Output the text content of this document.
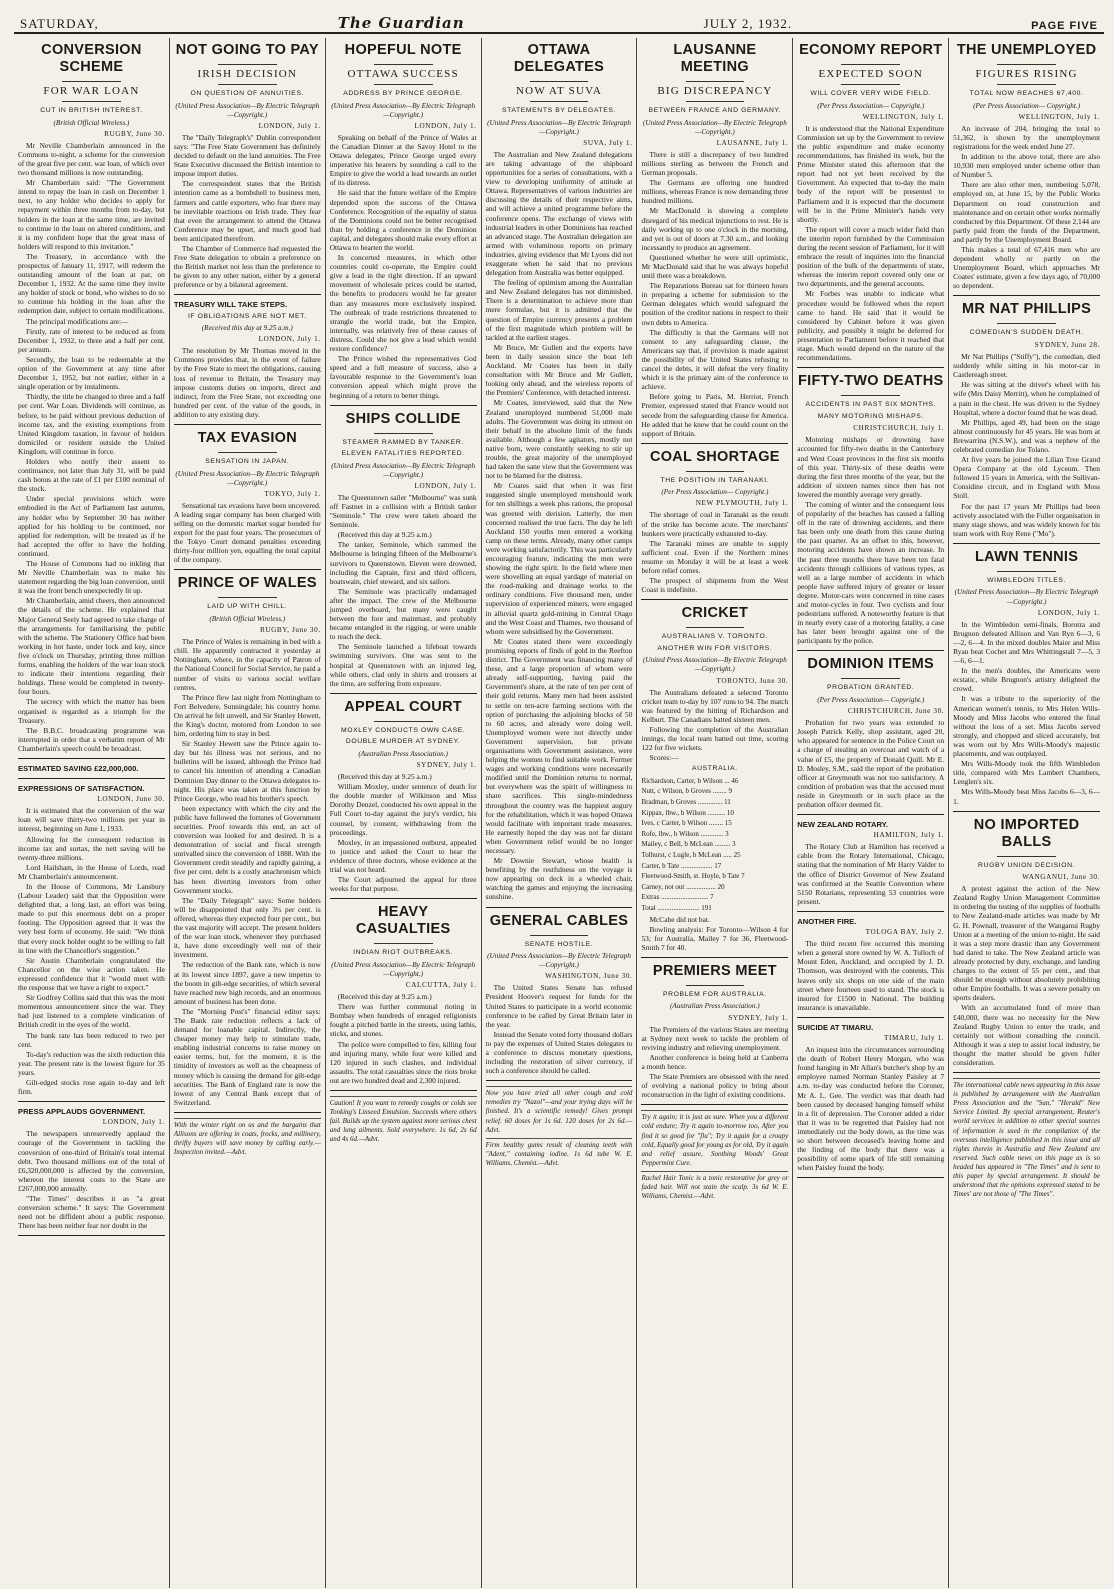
SATURDAY,	The Guardian	JULY 2, 1932.	PAGE FIVE
CONVERSION SCHEME
FOR WAR LOAN
CUT IN BRITISH INTEREST.
(British Official Wireless.)
RUGBY, June 30.

Mr Neville Chamberlain announced in the Commons to-night, a scheme for the conversion of the great five per cent. war loan, of which over two thousand millions is now outstanding.

Mr Chamberlain said: "The Government intend to repay the loan in cash on December 1 next, to any holder who decides to apply for repayment within three months from to-day, but holders in the loan at the same time, are invited to continue in the loan on altered conditions, and it is my confident hope that the great mass of holders will respond to this invitation."

The Treasury, in accordance with the prospectus of January 11, 1917, will redeem the outstanding amount of the loan at par, on December 1, 1932. At the same time they invite any holder of stock or bond, who wishes to do so to continue his holding in the loan after the redemption date, subject to certain modifications.

The principal modifications are:—

Firstly, rate of interest to be reduced as from December 1, 1932, to three and a half per cent. per annum.

Secondly, the loan to be redeemable at the option of the Government at any time after December 1, 1952, but not earlier, either in a single operation or by instalments.

Thirdly, the title be changed to three and a half per cent. War Loan. Dividends will continue, as before, to be paid without previous deduction of income tax, and the existing exemptions from United Kingdom taxation, in favour of holders domiciled or resident outside the United Kingdom, will continue in force.

Holders who notify their assent to continuance, not later than July 31, will be paid cash bonus at the rate of £1 per £100 nominal of the stock.

Under special provisions which were embodied in the Act of Parliament last autumn, any holder who by September 30 has neither applied for his holding to be continued, nor applied for redemption, will be treated as if he had accepted the offer to have the holding continued.

The House of Commons had no inkling that Mr Neville Chamberlain was to make his statement regarding the big loan conversion, until it was the front bench unexpectedly lit up.

Mr Chamberlain, amid cheers, then announced the details of the scheme. He explained that Major General Seely had agreed to take charge of the arrangements for familiarising the public with the scheme. The Stationery Office had been working in hot haste, under lock and key, since five o'clock on Thursday, printing three million forms, enabling the holders of the war loan stock to indicate their intentions regarding their holdings. These would be completed in twenty-four hours.

The secrecy with which the matter has been organised is regarded as a triumph for the Treasury.

The B.B.C. broadcasting programme was interrupted in order that a verbatim report of Mr Chamberlain's speech could be broadcast.

ESTIMATED SAVING £22,000,000.
EXPRESSIONS OF SATISFACTION.
LONDON, June 30.

It is estimated that the conversion of the war loan will save thirty-two millions per year in interest, beginning on June 1, 1933.

Allowing for the consequent reduction in income tax and surtax, the nett saving will be twenty-three millions.

Lord Hailsham, in the House of Lords, read Mr Chamberlain's announcement.

In the House of Commons, Mr Lansbury (Labour Leader) said that the Opposition were delighted that, a long last, an effort was being made to put this enormous debt on a proper footing. The Opposition agreed that it was the very best form of economy. He said: "We think that every stock holder ought to be willing to fall in line with the Chancellor's suggestion."

Sir Austin Chamberlain congratulated the Chancellor on the wise action taken. He expressed confidence that it "would meet with the response that we have a right to expect."

Sir Godfrey Collins said that this was the most momentous announcement since the war. They had just listened to a complete vindication of British credit in the eyes of the world.

The bank rate has been reduced to two per cent.

To-day's reduction was the sixth reduction this year. The present rate is the lowest figure for 35 years.

Gilt-edged stocks rose again to-day and left firm.

PRESS APPLAUDS GOVERNMENT.
LONDON, July 1.

The newspapers unreservedly applaud the courage of the Government in tackling the conversion of one-third of Britain's total internal debt. Two thousand millions out of the total of £6,320,000,000 is affected by the conversion, whereon the interest costs to the State are £267,000,000 annually.

"The Times" describes it as "a great conversion scheme." It says: The Government need not be diffident about a public response. There has been neither fear nor doubt in the

NOT GOING TO PAY
IRISH DECISION
ON QUESTION OF ANNUITIES.
(United Press Association—By Electric Telegraph—Copyright.)
LONDON, July 1.

The "Daily Telegraph's" Dublin correspondent says: "The Free State Government has definitely decided to default on the land annuities. The Free State Executive discussed the British intention to impose import duties.

The correspondent states that the British intention came as a bombshell to business men, farmers and cattle exporters, who fear there may be inevitable reactions on Irish trade. They fear that even the arrangement to attend the Ottawa Conference may be upset, and much good had been anticipated therefrom.

The Chamber of Commerce had requested the Free State delegation to obtain a preference on the British market not less than the preference to be given to any other nation, either by a general preference or by a bilateral agreement.

TREASURY WILL TAKE STEPS.
IF OBLIGATIONS ARE NOT MET.
(Received this day at 9.25 a.m.)
LONDON, July 1.

The resolution by Mr Thomas moved in the Commons provides that, in the event of failure by the Free State to meet the obligations, causing loss of revenue to Britain, the Treasury may impose customs duties on imports, direct and indirect, from the Free State, not exceeding one hundred per cent. of the value of the goods, in addition to any existing duty.

TAX EVASION
SENSATION IN JAPAN.
(United Press Association—By Electric Telegraph—Copyright.)
TOKYO, July 1.

Sensational tax evasions have been uncovered. A leading sugar company has been charged with selling on the domestic market sugar bonded for export for the past four years. The prosecutors of the Tokyo Court demand penalties exceeding thirty-four million yen, equalling the total capital of the company.

PRINCE OF WALES
LAID UP WITH CHILL.
(British Official Wireless.)
RUGBY, June 30.

The Prince of Wales is remaining in bed with a chill. He apparently contracted it yesterday at Nottingham, where, in the capacity of Patron of the National Council for Social Service, he paid a number of visits to various social welfare centres.

The Prince flew last night from Nottingham to Fort Belvedere, Sunningdale; his country home. On arrival he felt unwell, and Sir Stanley Hewett, the King's doctor, motored from London to see him, ordering him to stay in bed.

Sir Stanley Hewett saw the Prince again to-day but his illness was not serious, and no bulletins will be issued, although the Prince had to cancel his intention of attending a Canadian Dominion Day dinner to the Ottawa delegates to-night. His place was taken at this function by Prince George, who read his brother's speech.

been expectancy with which the city and the public have followed the fortunes of Government securities. Proof towards this end, an act of conversion was looked for and desired. It is a demonstration of social and fiscal strength unrivalled since the conversion of 1888. With the Government credit steadily and rapidly gaining, a five per cent. debt is a costly anachronism which has been diverting investors from other Government stocks.

The "Daily Telegraph" says: Some holders will be disappointed that only 3½ per cent. is offered, whereas they expected four per cent., but the vast majority will accept. The present holders of the war loan stock, whenever they purchased it, have done exceedingly well out of their investment.

The reduction of the Bank rate, which is now at its lowest since 1897, gave a new impetus to the boom in gilt-edge securities, of which several have reached new high records, and an enormous amount of business has been done.

The "Morning Post's" financial editor says: The Bank rate reduction reflects a lack of demand for loanable capital. Indirectly, the cheaper money may help to stimulate trade, enabling industrial concerns to raise money on easier terms, but, for the moment, it is the timidity of investors as well as the cheapness of money which is causing the demand for gilt-edge securities. The Bank of England rate is now the lowest of any Central Bank except that of Switzerland.

With the winter right on us and the bargains that Allisons are offering in coats, frocks, and millinery, thrifty buyers will save money by calling early.—Inspection invited.—Advt.
HOPEFUL NOTE
OTTAWA SUCCESS
ADDRESS BY PRINCE GEORGE.
(United Press Association—By Electric Telegraph—Copyright.)
LONDON, July 1.

Speaking on behalf of the Prince of Wales at the Canadian Dinner at the Savoy Hotel to the Ottawa delegates, Prince George urged every imperative his hearers by sounding a call to the Empire to give the world a lead towards an outlet of its distress.

He said that the future welfare of the Empire depended upon the success of the Ottawa Conference. Recognition of the equality of status of the Dominions could not be better recognised than by holding a conference in the Dominion capital, and delegates should make every effort at Ottawa to hearten the world.

In concerted measures, in which other countries could co-operate, the Empire could give a lead in the right direction. If an upward movement of wholesale prices could be started, the benefits to producers would be far greater than any measures more exclusively inspired. The outbreak of trade restrictions threatened to strangle the world trade, but the Empire, internally, was relatively free of these causes of distress. Could she not give a lead which would restore confidence?

The Prince wished the representatives God speed and a full measure of success, also a favourable response to the Government's loan conversion appeal which might prove the beginning of a return to better things.

SHIPS COLLIDE
STEAMER RAMMED BY TANKER.
ELEVEN FATALITIES REPORTED.
(United Press Association—By Electric Telegraph—Copyright.)
LONDON, July 1.

The Queenstown sailer "Melbourne" was sunk off Fastnet in a collision with a British tanker "Seminole." The crew were taken aboard the Seminole.

(Received this day at 9.25 a.m.)

The tanker, Seminole, which rammed the Melbourne is bringing fifteen of the Melbourne's survivors to Queenstown. Eleven were drowned, including the Captain, first and third officers, boatswain, chief steward, and six sailors.

The Seminole was practically undamaged after the impact. The crew of the Melbourne jumped overboard, but many were caught between the fore and mainmast, and probably became entangled in the rigging, or were unable to reach the deck.

The Seminole launched a lifeboat towards swimming survivors. One was sent to the hospital at Queenstown with an injured leg, while others, clad only in shirts and trousers at the time, are suffering from exposure.

APPEAL COURT
MOXLEY CONDUCTS OWN CASE.
DOUBLE MURDER AT SYDNEY.
(Australian Press Association.)
SYDNEY, July 1.

(Received this day at 9.25 a.m.)

William Moxley, under sentence of death for the double murder of Wilkinson and Miss Dorothy Denzel, conducted his own appeal in the Full Court to-day against the jury's verdict, his counsel, by consent, withdrawing from the proceedings.

Moxley, in an impassioned outburst, appealed to justice and asked the Court to hear the evidence of three doctors, whose evidence at the trial was not heard.

The Court adjourned the appeal for three weeks for that purpose.

HEAVY CASUALTIES
INDIAN RIOT OUTBREAKS.
(United Press Association—By Electric Telegraph—Copyright.)
CALCUTTA, July 1.

(Received this day at 9.25 a.m.)

There was further communal rioting in Bombay when hundreds of enraged religionists fought a pitched battle in the streets, using lathis, sticks, and stones.

The police were compelled to fire, killing four and injuring many, while four were killed and 120 injured in such clashes, and individual assaults. The total casualties since the riots broke out are two hundred dead and 2,300 injured.

Caution! It you want to remedy coughs or colds see Tonking's Linseed Emulsion. Succeeds where others fail. Builds up the system against more serious chest and lung ailments. Sold everywhere. 1s 6d, 2s 6d and 4s 6d.—Advt.
OTTAWA DELEGATES
NOW AT SUVA
STATEMENTS BY DELEGATES.
(United Press Association—By Electric Telegraph—Copyright.)
SUVA, July 1.

The Australian and New Zealand delegations are taking advantage of the shipboard opportunities for a series of consultations, with a view to developing uniformity of attitude at Ottawa. Representatives of various industries are discussing the details of their respective aims, and will achieve a united programme before the conference opens. The exchange of views with industrial leaders in other Dominions has reached an advanced stage. The Australian delegation are armed with voluminous reports on primary industries, giving evidence that Mr Lyons did not exaggerate when he said that no previous delegation from Australia was better equipped.

The feeling of optimism among the Australian and New Zealand delegates has not diminished. There is a determination to achieve more than mere formulae, but it is admitted that the question of Empire currency presents a problem of the first magnitude which problem will be tackled at the earliest stages.

Mr Bruce, Mr Gullett and the experts have been in daily session since the boat left Auckland. Mr Coates has been in daily consultation with Mr Bruce and Mr Gullett, looking only ahead, and the wireless reports of the Premiers' Conference, with detached interest.

Mr Coates, interviewed, said that the New Zealand unemployed numbered 51,000 male adults. The Government was doing its utmost on their behalf in the absolute limit of the funds available. Although a few agitators, mostly not native born, were constantly seeking to stir up trouble, the great majority of the unemployed had taken the sane view that the Government was not to be blamed for the distress.

Mr Coates said that when it was first suggested single unemployed menshould work for ten shillings a week plus rations, the proposal was greeted with derision. Latterly, the men concerned realised the true facts. The day he left Auckland 150 youths men entered a working camp on these terms. Already, many other camps were working satisfactorily. This was particularly encouraging feature, indicating the men were showing the right spirit. In the field where men were shovelling an equal yardage of material on the road-making and drainage works to the ordinary conditions. Five thousand men, under supervision of experienced miners, were engaged in alluvial quartz gold-mining in Central Otago and the West Coast and Thames, two thousand of whom were subsidised by the Government.

Mr Coates stated there were exceedingly promising reports of finds of gold in the Reefton district. The Government was financing many of these, and a large proportion of whom were already self-supporting, having paid the Government's share, at the rate of ten per cent of their gold returns. Many men had been assisted to settle on ten-acre farming sections with the option of purchasing the adjoining blocks of 50 to 60 acres, and already were doing well. Unemployed women were not directly under Government supervision, but private organisations with Government assistance, were helping the women to find suitable work. Former wages and working conditions were necessarily modified until the Dominion returns to normal, but everywhere was the spirit of willingness to share sacrifices. This single-mindedness throughout the country was the happiest augury for the rehabilitation, which it was hoped Ottawa would facilitate with important trade measures. He earnestly hoped the day was not far distant when Government relief would be no longer necessary.

Mr Downie Stewart, whose health is benefiting by the restfulness on the voyage is now appearing on deck in a wheeled chair, watching the games and enjoying the increasing sunshine.

GENERAL CABLES
SENATE HOSTILE.
(United Press Association—By Electric Telegraph—Copyright.)
WASHINGTON, June 30.

The United States Senate has refused President Hoover's request for funds for the United States to participate in a world economic conference to be called by Great Britain later in the year.

Instead the Senate voted forty thousand dollars to pay the expenses of United States delegates to a conference to discuss monetary questions, including the restoration of silver currency, if such a conference should be called.

Now you have tried all other cough and cold remedies try "Nazol"—and your trying days will be finished. It's a scientific remedy! Gives prompt relief. 60 doses for 1s 6d. 120 doses for 2s 6d.—Advt.
Firm healthy gums result of cleaning teeth with "Adent," containing iodine. 1s 6d tube W. E. Williams, Chemist.—Advt.
LAUSANNE MEETING
BIG DISCREPANCY
BETWEEN FRANCE AND GERMANY.
(United Press Association—By Electric Telegraph—Copyright.)
LAUSANNE, July 1.

There is still a discrepancy of two hundred millions sterling as between the French and German proposals.

The Germans are offering one hundred millions, whereas France is now demanding three hundred millions.

Mr MacDonald is showing a complete disregard of his medical injunctions to rest. He is daily working up to one o'clock in the morning, and yet is out of doors at 7.30 a.m., and looking incessantly to produce an agreement.

Questioned whether he were still optimistic, Mr MacDonald said that he was always hopeful until there was a breakdown.

The Reparations Bureau sat for thirteen hours in preparing a scheme for submission to the German delegates which would safeguard the position of the creditor nations in respect to their own debts to America.

The difficulty is that the Germans will not consent to any safeguarding clause, the Americans say that, if provision is made against the possibility of the United States refusing to cancel the debts, it will defeat the very finality which it is the primary aim of the conference to achieve.

Before going to Paris, M. Herriot, French Premier, expressed stated that France would not secede from the safeguarding clause for America. He added that he knew that he could count on the support of Britain.

COAL SHORTAGE
THE POSITION IN TARANAKI.
(Per Press Association— Copyright.)
NEW PLYMOUTH, July 1.

The shortage of coal in Taranaki as the result of the strike has become acute. The merchants' bunkers were practically exhausted to-day.

The Taranaki mines are unable to supply sufficient coal. Even if the Northern mines resume on Monday it will be at least a week before relief comes.

The prospect of shipments from the West Coast is indefinite.

CRICKET
AUSTRALIANS V. TORONTO.
ANOTHER WIN FOR VISITORS.
(United Press Association—By Electric Telegraph—Copyright.)
TORONTO, June 30.

The Australians defeated a selected Toronto cricket team to-day by 107 runs to 94. The match was featured by the hitting of Richardson and Kelburt. The Canadians batted sixteen men.

Following the completion of the Australian innings, the local team batted out time, scoring 122 for five wickets.

Scores:—

AUSTRALIA.
Richardson, Carter, b Wilson ... 46
Nutt, c Wilson, b Groves ........ 9
Bradman, b Groves .............. 11
Kippax, lbw., b Wilson .......... 10
Ives, c Carter, b Wilson ........ 15
Rofe, lbw., b Wilson ............. 3
Mailey, c Bell, b McLean ......... 3
Tolhurst, c Lugle, b McLean ..... 25
Carter, b Tate .................. 17
Fleetwood-Smith, st. Hoyle, b Tate 7
Carney, not out ................. 20
Extras ........................... 7
Total ........................ 191

McCabe did not bat.

Bowling analysis: For Toronto—Wilson 4 for 53; for Australia, Mailey 7 for 36, Fleetwood-Smith 7 for 40.

PREMIERS MEET
PROBLEM FOR AUSTRALIA.
(Australian Press Association.)
SYDNEY, July 1.

The Premiers of the various States are meeting at Sydney next week to tackle the problem of reviving industry and relieving unemployment.

Another conference is being held at Canberra a month hence.

The State Premiers are obsessed with the need of evolving a national policy to bring about reconstruction in the light of existing conditions.

Try it again; it is just as sure. When you a different cold endure; Try it again to-morrow too, After you find it so good for "flu"; Try it again for a croupy cold, Equally good for young as for old, Try it again and relief assure, Soothing Woods' Great Peppermint Cure.
Rachel Hair Tonic is a tonic restorative for grey or faded hair. Will not stain the scalp. 3s 6d W. E. Williams, Chemist.—Advt.
ECONOMY REPORT
EXPECTED SOON
WILL COVER VERY WIDE FIELD.
(Per Press Association— Copyright.)
WELLINGTON, July 1.

It is understood that the National Expenditure Commission set up by the Government to review the public expenditure and make economy recommendations, has finished its work, but the Prime Minister stated this afternoon that the report had not yet been received by the Government. An expected that to-day the main body of the report will be presented to Parliament and it is expected that the document will be in the Prime Minister's hands very shortly.

The report will cover a much wider field than the interim report furnished by the Commission during the recent session of Parliament, for it will embrace the result of inquiries into the financial position of the bulk of the departments of state, whereas the interim report covered only one or two departments, and the general accounts.

Mr Forbes was unable to indicate what procedure would be followed when the report came to hand. He said that it would be considered by Cabinet before it was given publicity, and possibly it might be deferred for presentation to Parliament before it reached that stage. Much would depend on the nature of the recommendations.

FIFTY-TWO DEATHS
ACCIDENTS IN PAST SIX MONTHS.
MANY MOTORING MISHAPS.
CHRISTCHURCH, July 1.

Motoring mishaps or drowning have accounted for fifty-two deaths in the Canterbury and West Coast provinces in the first six months of this year. Thirty-six of these deaths were during the first three months of the year, but the addition of sixteen names since then has not lowered the monthly average very greatly.

The coming of winter and the consequent loss of popularity of the beaches has caused a falling off in the rate of drowning accidents, and there has been only one death from this cause during the past quarter. As an offset to this, however, motoring accidents have shown an increase. In the past three months there have been ten fatal accidents through collisions of various types, as well as a large number of accidents in which people have suffered injury of greater or lesser degree. Motor-cars were concerned in nine cases and motor-cycles in four. Two cyclists and four pedestrians suffered. A noteworthy feature is that in nearly every case of a motoring fatality, a case has later been brought against one of the participants by the police.

DOMINION ITEMS
PROBATION GRANTED.
(Per Press Association— Copyright.)
CHRISTCHURCH, June 30.

Probation for two years was extended to Joseph Patrick Kelly, shop assistant, aged 20, who appeared for sentence in the Police Court on a charge of stealing an overcoat and watch of a value of £5, the property of Donald Quill. Mr E. D. Mosley, S.M., said the report of the probation officer at Greymouth was not too satisfactory. A condition of probation was that the accused must reside in Greymouth or in such place as the probation officer deemed fit.

NEW ZEALAND ROTARY.
HAMILTON, July 1.

The Rotary Club at Hamilton has received a cable from the Rotary International, Chicago, stating that the nomination of Mr Harry Valder to the office of District Governor of New Zealand was confirmed at the Seattle Convention where 5150 Rotarians, representing 53 countries were present.

ANOTHER FIRE.
TOLOGA BAY, July 2.

The third recent fire occurred this morning when a general store owned by W. A. Tulloch of Mount Eden, Auckland, and occupied by J. D. Thomson, was destroyed with the contents. This leaves only six shops on one side of the main street where fourteen used to stand. The stock is insured for £1500 in National. The building insurance is unavailable.

SUICIDE AT TIMARU.
TIMARU, July 1.

An inquest into the circumstances surrounding the death of Robert Henry Morgan, who was found hanging in Mr Allan's butcher's shop by an employee named Norman Stanley Paisley at 7 a.m. to-day was conducted before the Coroner, Mr A. L. Gee. The verdict was that death had been caused by deceased hanging himself whilst in a fit of depression. The Coroner added a rider that it was to be regretted that Paisley had not immediately cut the body down, as the time was so short between deceased's leaving home and the finding of the body that there was a possibility of some spark of life still remaining when Paisley found the body.

THE UNEMPLOYED
FIGURES RISING
TOTAL NOW REACHES 67,400.
(Per Press Association— Copyright.)
WELLINGTON, July 1.

An increase of 204, bringing the total to 51,362, is shown by the unemployment registrations for the week ended June 27.

In addition to the above total, there are also 10,930 men employed under scheme other than of Number 5.

There are also other men, numbering 5,078, employed on, at June 15, by the Public Works Department on road construction and maintenance and on certain other works normally conducted by this Department. Of these 2,144 are partly paid from the funds of the Department, and partly by the Unemployment Board.

This makes a total of 67,416 men who are dependent wholly or partly on the Unemployment Board, which approaches Mr Coates' estimate, given a few days ago, of 70,000 so dependent.

MR NAT PHILLIPS
COMEDIAN'S SUDDEN DEATH.
SYDNEY, June 28.

Mr Nat Phillips ("Stiffy"), the comedian, died suddenly while sitting in his motor-car in Castlereagh street.

He was sitting at the driver's wheel with his wife (Mrs Daisy Merritt), when he complained of a pain in the chest. He was driven to the Sydney Hospital, where a doctor found that he was dead.

Mr Phillips, aged 49, had been on the stage almost continuously for 45 years. He was born at Brewarrina (N.S.W.), and was a nephew of the celebrated comedian Joe Tolano.

At five years he joined the Lilian Tree Grand Opera Company at the old Lyceum. Then followed 15 years in America, with the Sullivan-Considine circuit, and in England with Moss Stoll.

For the past 17 years Mr Phillips had been actively associated with the Fuller organisation in many stage shows, and was widely known for his team work with Roy Rene ("Mo").

LAWN TENNIS
WIMBLEDON TITLES.
(United Press Association—By Electric Telegraph—Copyright.)
LONDON, July 1.

In the Wimbledon semi-finals, Borotra and Brugnon defeated Allison and Van Ryn 6—3, 6—2, 6—4. In the mixed doubles Maier and Miss Ryan beat Cochet and Mrs Whittingstall 7—5, 3—6, 6—1.

In the men's doubles, the Americans were ecstatic, while Brugnon's artistry delighted the crowd.

It was a tribute to the superiority of the American women's tennis, to Mrs Helen Wills-Moody and Miss Jacobs who entered the final without the loss of a set. Miss Jacobs served strongly, and chopped and sliced accurately, but was worn out by Mrs Wills-Moody's majestic placements, and was outplayed.

Mrs Wills-Moody took the fifth Wimbledon title, compared with Mrs Lambert Chambers, Lenglen's six.

Mrs Wills-Moody beat Miss Jacobs 6—3, 6—1.

NO IMPORTED BALLS
RUGBY UNION DECISION.
WANGANUI, June 30.

A protest against the action of the New Zealand Rugby Union Management Committee in ordering the testing of the supplies of footballs to New Zealand-made articles was made by Mr G. H. Pownall, treasurer of the Wanganui Rugby Union at a meeting of the union to-night. He said it was a step more drastic than any Government had dared to take. The New Zealand article was already protected by duty, exchange, and landing charges to the extent of 55 per cent., and that should be enough without absolutely prohibiting other Empire footballs. It was a severe penalty on sports dealers.

With an accumulated fund of more than £40,000, there was no necessity for the New Zealand Rugby Union to enter the trade, and certainly not without consulting the council. Although it was a step to assist local industry, he thought the matter should be given fuller consideration.

The international cable news appearing in this issue is published by arrangement with the Australian Press Association and the "Sun," "Herald" New Service Limited. By special arrangement, Reuter's world services in addition to other special sources of information is used in the compilation of the overseas intelligence published in this issue and all rights therein in Australia and New Zealand are reserved. Such cable news on this page as is so headed has appeared in "The Times" and is sent to this paper by special arrangement. It should be understood that the opinions expressed stated to be Times' are not those of "The Times".
